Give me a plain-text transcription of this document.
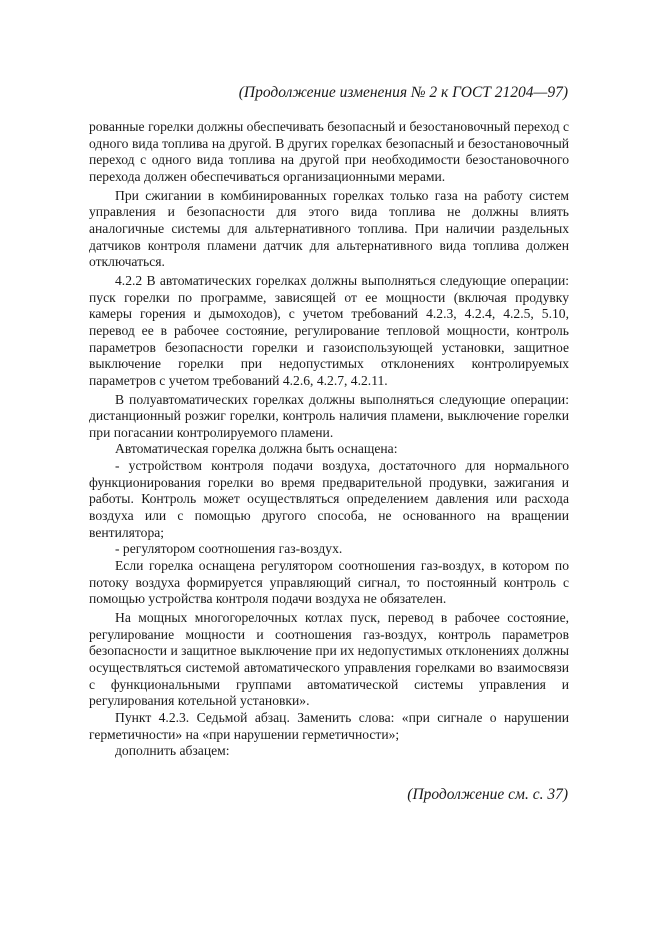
(Продолжение изменения № 2 к ГОСТ 21204—97)

рованные горелки должны обеспечивать безопасный и безостановочный переход с одного вида топлива на другой. В других горелках безопасный и безостановочный переход с одного вида топлива на другой при необходимости безостановочного перехода должен обеспечиваться организационными мерами.

При сжигании в комбинированных горелках только газа на работу систем управления и безопасности для этого вида топлива не должны влиять аналогичные системы для альтернативного топлива. При наличии раздельных датчиков контроля пламени датчик для альтернативного вида топлива должен отключаться.

4.2.2 В автоматических горелках должны выполняться следующие операции: пуск горелки по программе, зависящей от ее мощности (включая продувку камеры горения и дымоходов), с учетом требований 4.2.3, 4.2.4, 4.2.5, 5.10, перевод ее в рабочее состояние, регулирование тепловой мощности, контроль параметров безопасности горелки и газоиспользующей установки, защитное выключение горелки при недопустимых отклонениях контролируемых параметров с учетом требований 4.2.6, 4.2.7, 4.2.11.

В полуавтоматических горелках должны выполняться следующие операции: дистанционный розжиг горелки, контроль наличия пламени, выключение горелки при погасании контролируемого пламени.

Автоматическая горелка должна быть оснащена:

- устройством контроля подачи воздуха, достаточного для нормального функционирования горелки во время предварительной продувки, зажигания и работы. Контроль может осуществляться определением давления или расхода воздуха или с помощью другого способа, не основанного на вращении вентилятора;

- регулятором соотношения газ-воздух.

Если горелка оснащена регулятором соотношения газ-воздух, в котором по потоку воздуха формируется управляющий сигнал, то постоянный контроль с помощью устройства контроля подачи воздуха не обязателен.

На мощных многогорелочных котлах пуск, перевод в рабочее состояние, регулирование мощности и соотношения газ-воздух, контроль параметров безопасности и защитное выключение при их недопустимых отклонениях должны осуществляться системой автоматического управления горелками во взаимосвязи с функциональными группами автоматической системы управления и регулирования котельной установки».

Пункт 4.2.3. Седьмой абзац. Заменить слова: «при сигнале о нарушении герметичности» на «при нарушении герметичности»;

дополнить абзацем:

(Продолжение см. с. 37)
